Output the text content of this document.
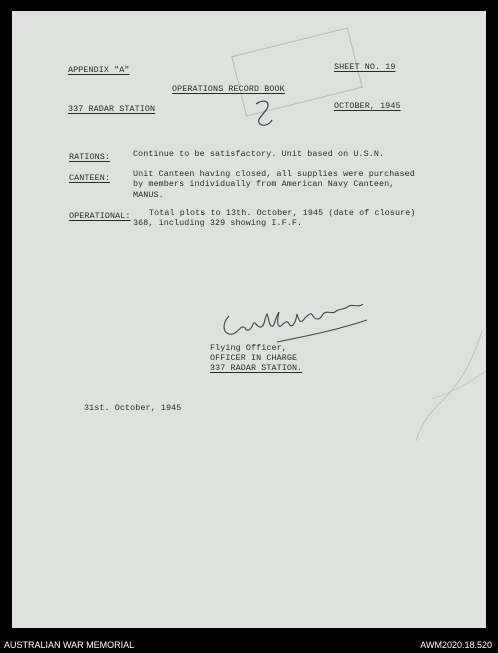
APPENDIX "A"	SHEET NO. 19
OPERATIONS RECORD BOOK
337 RADAR STATION	OCTOBER, 1945
RATIONS:	Continue to be satisfactory. Unit based on U.S.N.
CANTEEN:	Unit Canteen having closed, all supplies were purchased
by members individually from American Navy Canteen,
MANUS.
OPERATIONAL: Total plots to 13th. October, 1945 (date of closure)
368, including 329 showing I.F.F.
Flying Officer,
OFFICER IN CHARGE
337 RADAR STATION.
31st. October, 1945
AUSTRALIAN WAR MEMORIAL	AWM2020.18.520
